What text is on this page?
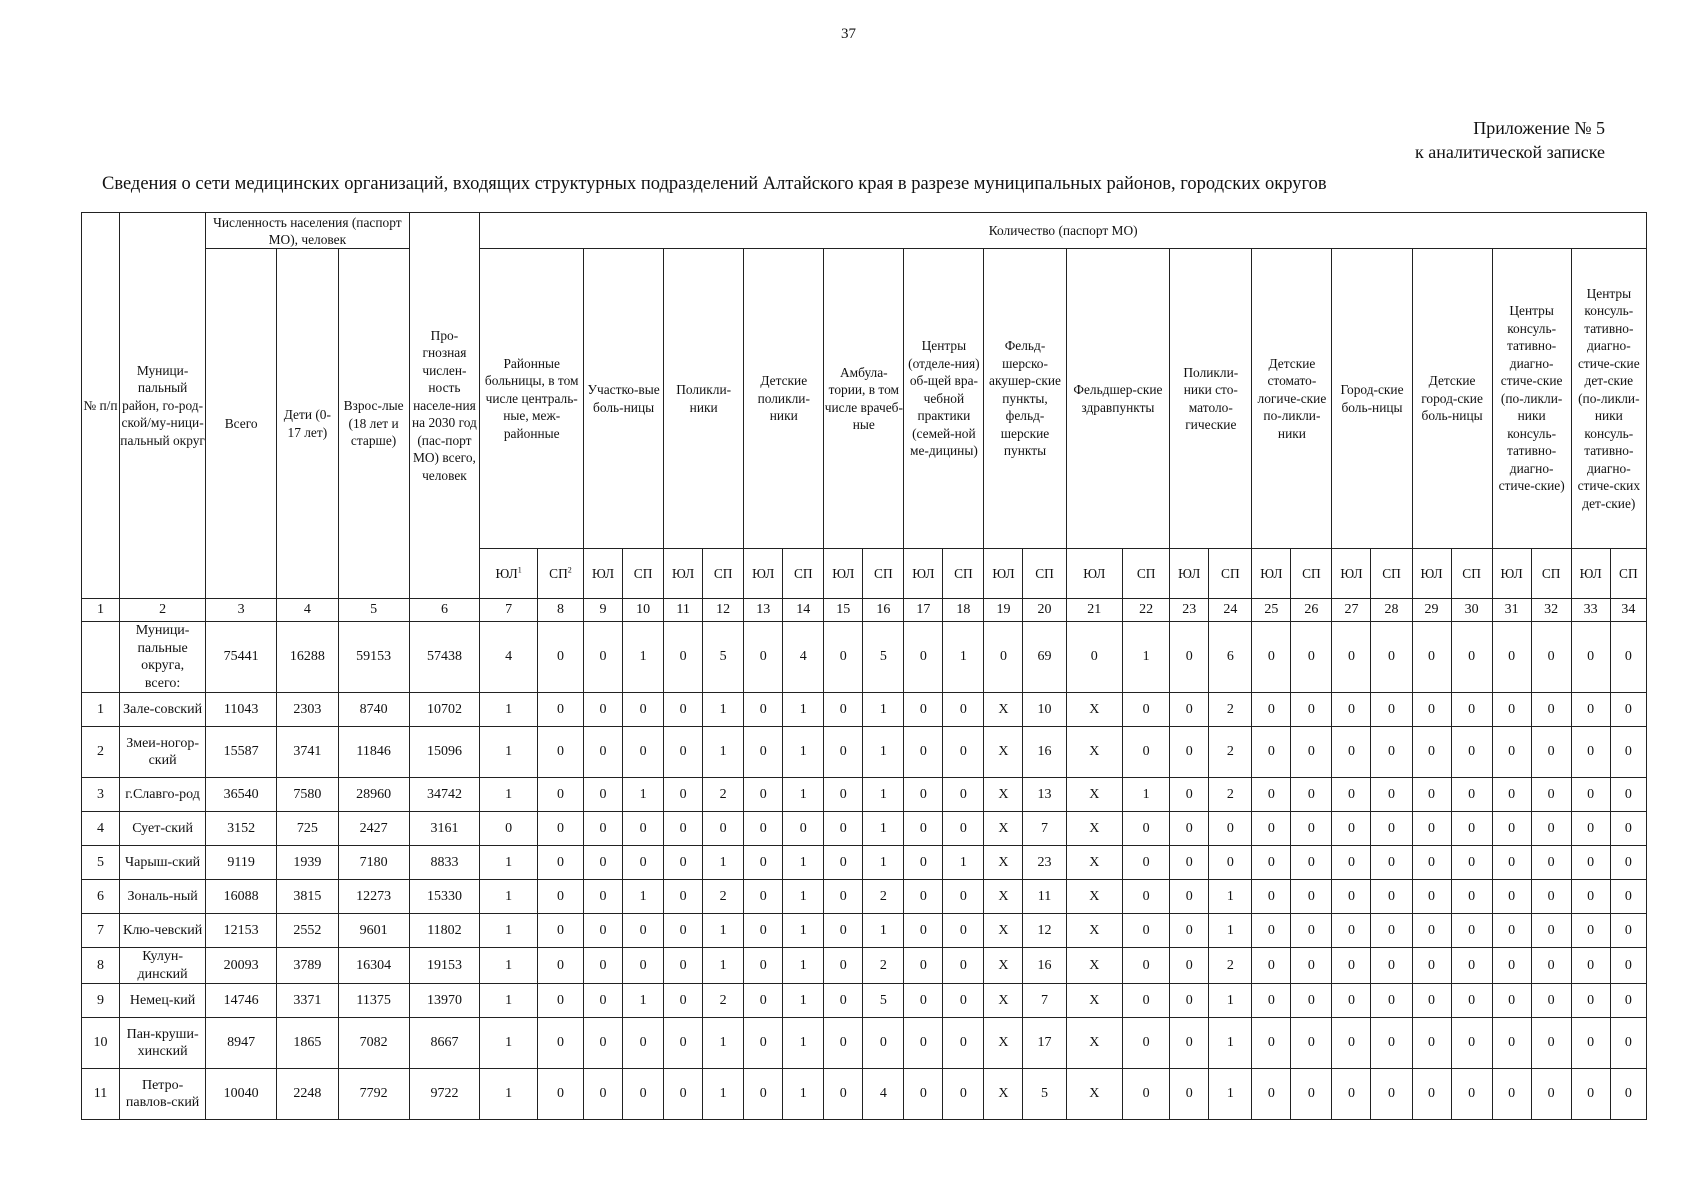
37
Приложение № 5
к аналитической записке
Сведения о сети медицинских организаций, входящих структурных подразделений Алтайского края в разрезе муниципальных районов, городских округов
№ п/п	Муници-пальный район, го-род-ской/му-ници-пальный округ	Численность населения (паспорт МО), человек			Про-гнозная числен-ность населе-ния на 2030 год (пас-порт МО) всего, человек	Количество (паспорт МО)																											
		Всего	Дети (0-17 лет)	Взрос-лые (18 лет и старше)		Районные больницы, в том числе централь-ные, меж-районные		Участко-вые боль-ницы		Поликли-ники		Детские поликли-ники		Амбула-тории, в том числе врачеб-ные		Центры (отделе-ния) об-щей вра-чебной практики (семей-ной ме-дицины)		Фельд-шерско-акушер-ские пункты, фельд-шерские пункты		Фельдшер-ские здравпункты		Поликли-ники сто-матоло-гические		Детские стомато-логиче-ские по-ликли-ники		Город-ские боль-ницы		Детские город-ские боль-ницы		Центры консуль-тативно-диагно-стиче-ские (по-ликли-ники консуль-тативно-диагно-стиче-ские)		Центры консуль-тативно-диагно-стиче-ские дет-ские (по-ликли-ники консуль-тативно-диагно-стиче-ских дет-ские)	
						$ЮЛ^1$	$СП^2$	ЮЛ	СП	ЮЛ	СП	ЮЛ	СП	ЮЛ	СП	ЮЛ	СП	ЮЛ	СП	ЮЛ	СП	ЮЛ	СП	ЮЛ	СП	ЮЛ	СП	ЮЛ	СП	ЮЛ	СП	ЮЛ	СП
1	2	3	4	5	6	7	8	9	10	11	12	13	14	15	16	17	18	19	20	21	22	23	24	25	26	27	28	29	30	31	32	33	34
	Муници-пальные округа, всего:	75441	16288	59153	57438	4	0	0	1	0	5	0	4	0	5	0	1	0	69	0	1	0	6	0	0	0	0	0	0	0	0	0	0
1	Зале-совский	11043	2303	8740	10702	1	0	0	0	0	1	0	1	0	1	0	0	Х	10	Х	0	0	2	0	0	0	0	0	0	0	0	0	0
2	Змеи-ногор-ский	15587	3741	11846	15096	1	0	0	0	0	1	0	1	0	1	0	0	Х	16	Х	0	0	2	0	0	0	0	0	0	0	0	0	0
3	г.Славго-род	36540	7580	28960	34742	1	0	0	1	0	2	0	1	0	1	0	0	Х	13	Х	1	0	2	0	0	0	0	0	0	0	0	0	0
4	Сует-ский	3152	725	2427	3161	0	0	0	0	0	0	0	0	0	1	0	0	Х	7	Х	0	0	0	0	0	0	0	0	0	0	0	0	0
5	Чарыш-ский	9119	1939	7180	8833	1	0	0	0	0	1	0	1	0	1	0	1	Х	23	Х	0	0	0	0	0	0	0	0	0	0	0	0	0
6	Зональ-ный	16088	3815	12273	15330	1	0	0	1	0	2	0	1	0	2	0	0	Х	11	Х	0	0	1	0	0	0	0	0	0	0	0	0	0
7	Клю-чевский	12153	2552	9601	11802	1	0	0	0	0	1	0	1	0	1	0	0	Х	12	Х	0	0	1	0	0	0	0	0	0	0	0	0	0
8	Кулун-динский	20093	3789	16304	19153	1	0	0	0	0	1	0	1	0	2	0	0	Х	16	Х	0	0	2	0	0	0	0	0	0	0	0	0	0
9	Немец-кий	14746	3371	11375	13970	1	0	0	1	0	2	0	1	0	5	0	0	Х	7	Х	0	0	1	0	0	0	0	0	0	0	0	0	0
10	Пан-круши-хинский	8947	1865	7082	8667	1	0	0	0	0	1	0	1	0	0	0	0	Х	17	Х	0	0	1	0	0	0	0	0	0	0	0	0	0
11	Петро-павлов-ский	10040	2248	7792	9722	1	0	0	0	0	1	0	1	0	4	0	0	Х	5	Х	0	0	1	0	0	0	0	0	0	0	0	0	0
